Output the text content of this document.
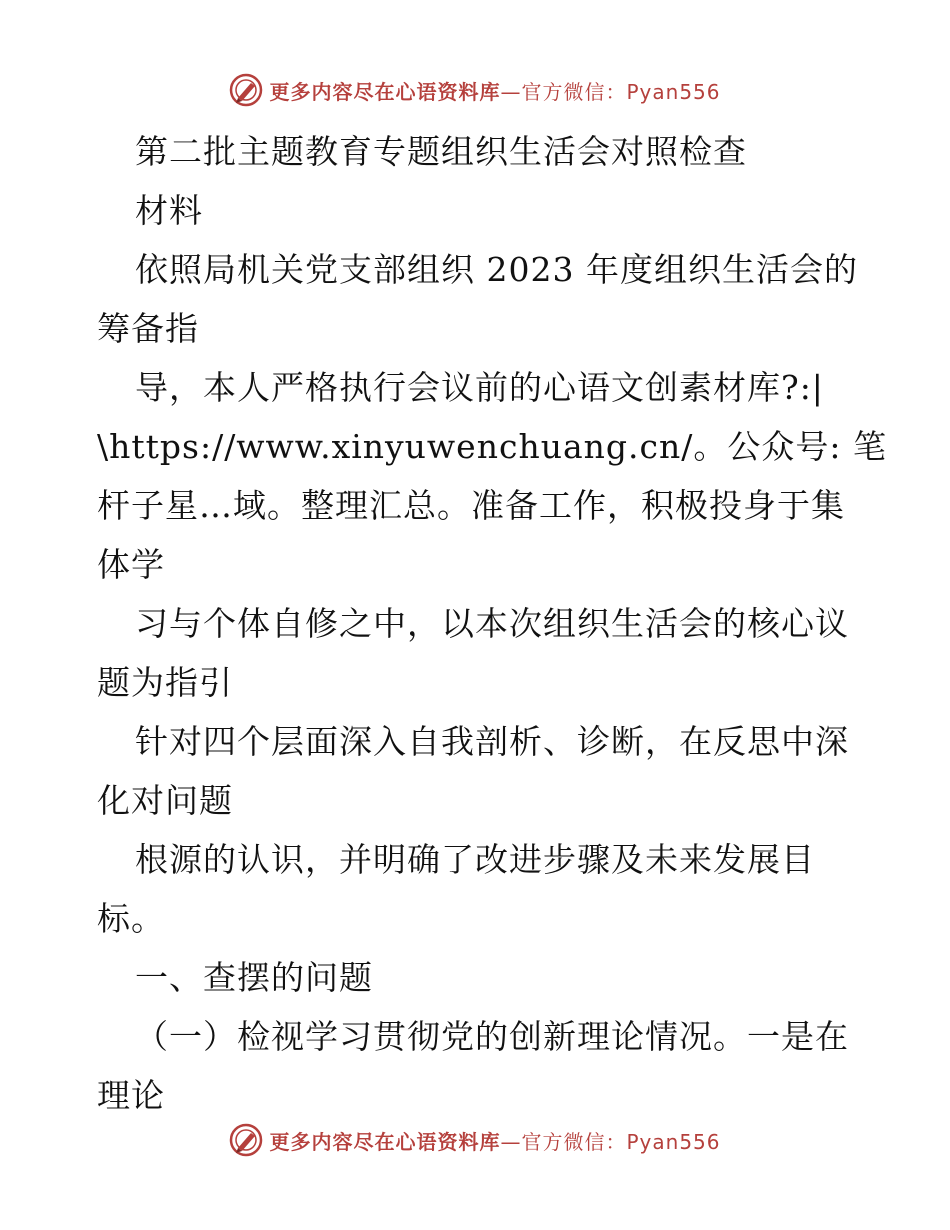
更多内容尽在心语资料库—官方微信：Pyan556
第二批主题教育专题组织生活会对照检查
材料
依照局机关党支部组织 2023 年度组织生活会的
筹备指
导，本人严格执行会议前的心语文创素材库?:|
\https://www.xinyuwenchuang.cn/。公众号: 笔
杆子星…域。整理汇总。准备工作，积极投身于集
体学
习与个体自修之中，以本次组织生活会的核心议
题为指引
针对四个层面深入自我剖析、诊断，在反思中深
化对问题
根源的认识，并明确了改进步骤及未来发展目
标。
一、查摆的问题
（一）检视学习贯彻党的创新理论情况。一是在
理论
更多内容尽在心语资料库—官方微信：Pyan556
